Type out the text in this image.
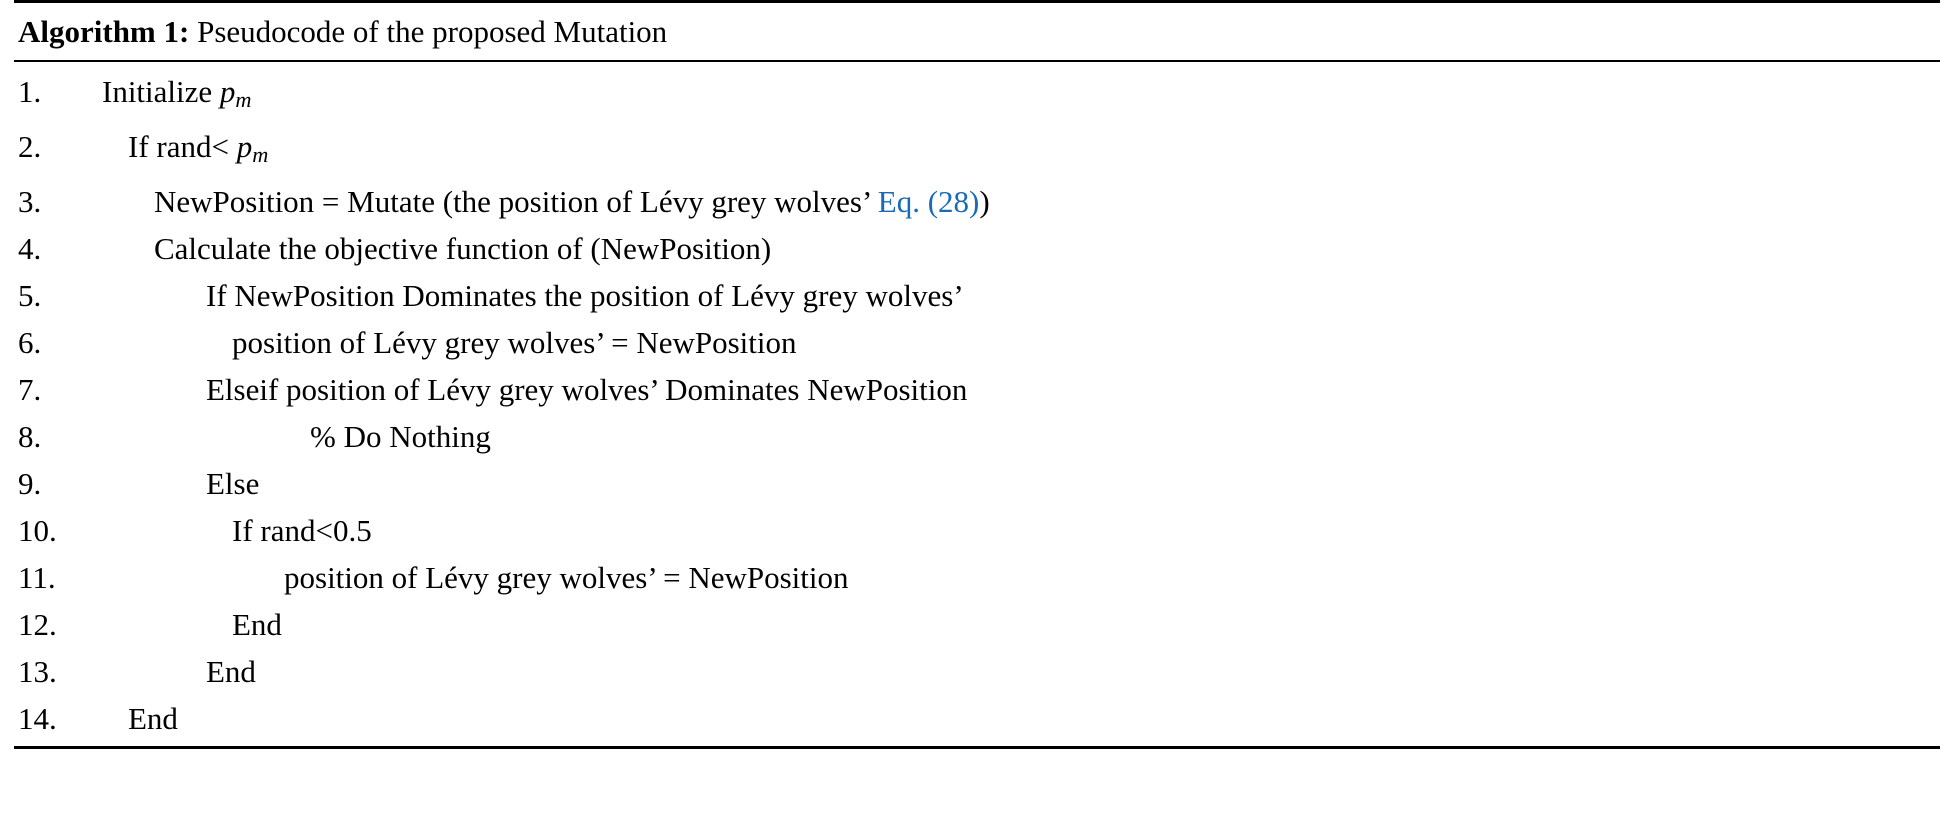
Algorithm 1: Pseudocode of the proposed Mutation
1.	Initialize $p_m$
2.	If rand< $p_m$
3.	NewPosition = Mutate (the position of Lévy grey wolves’ Eq. (28))
4.	Calculate the objective function of (NewPosition)
5.	If NewPosition Dominates the position of Lévy grey wolves’
6.	position of Lévy grey wolves’ = NewPosition
7.	Elseif position of Lévy grey wolves’ Dominates NewPosition
8.	% Do Nothing
9.	Else
10.	If rand<0.5
11.	position of Lévy grey wolves’ = NewPosition
12.	End
13.	End
14.	End
